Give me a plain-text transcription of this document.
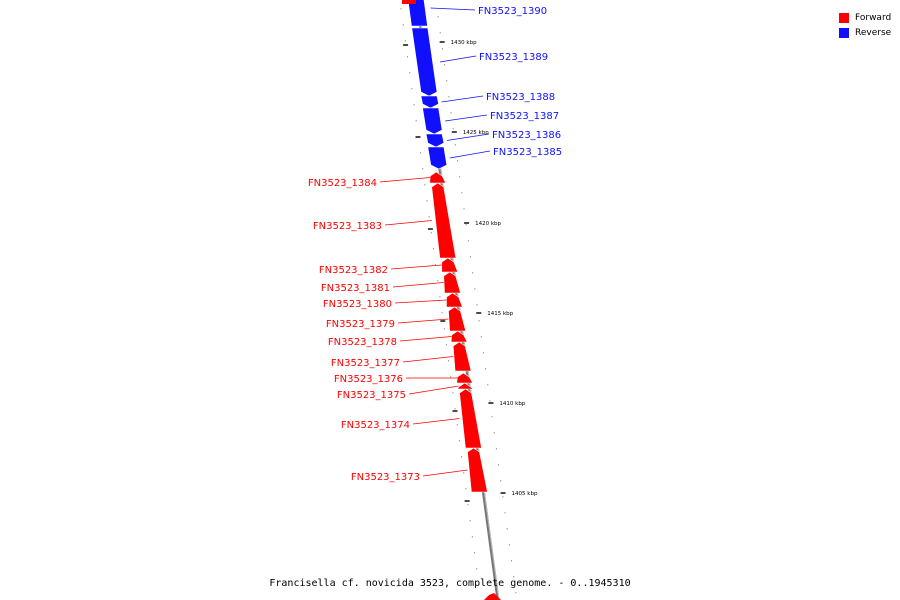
1430 kbp
1425 kbp
1420 kbp
1415 kbp
1410 kbp
1405 kbp
FN3523_1390
FN3523_1389
FN3523_1388
FN3523_1387
FN3523_1386
FN3523_1385
FN3523_1384
FN3523_1383
FN3523_1382
FN3523_1381
FN3523_1380
FN3523_1379
FN3523_1378
FN3523_1377
FN3523_1376
FN3523_1375
FN3523_1374
FN3523_1373
Forward
Reverse
Francisella cf. novicida 3523, complete genome. - 0..1945310
